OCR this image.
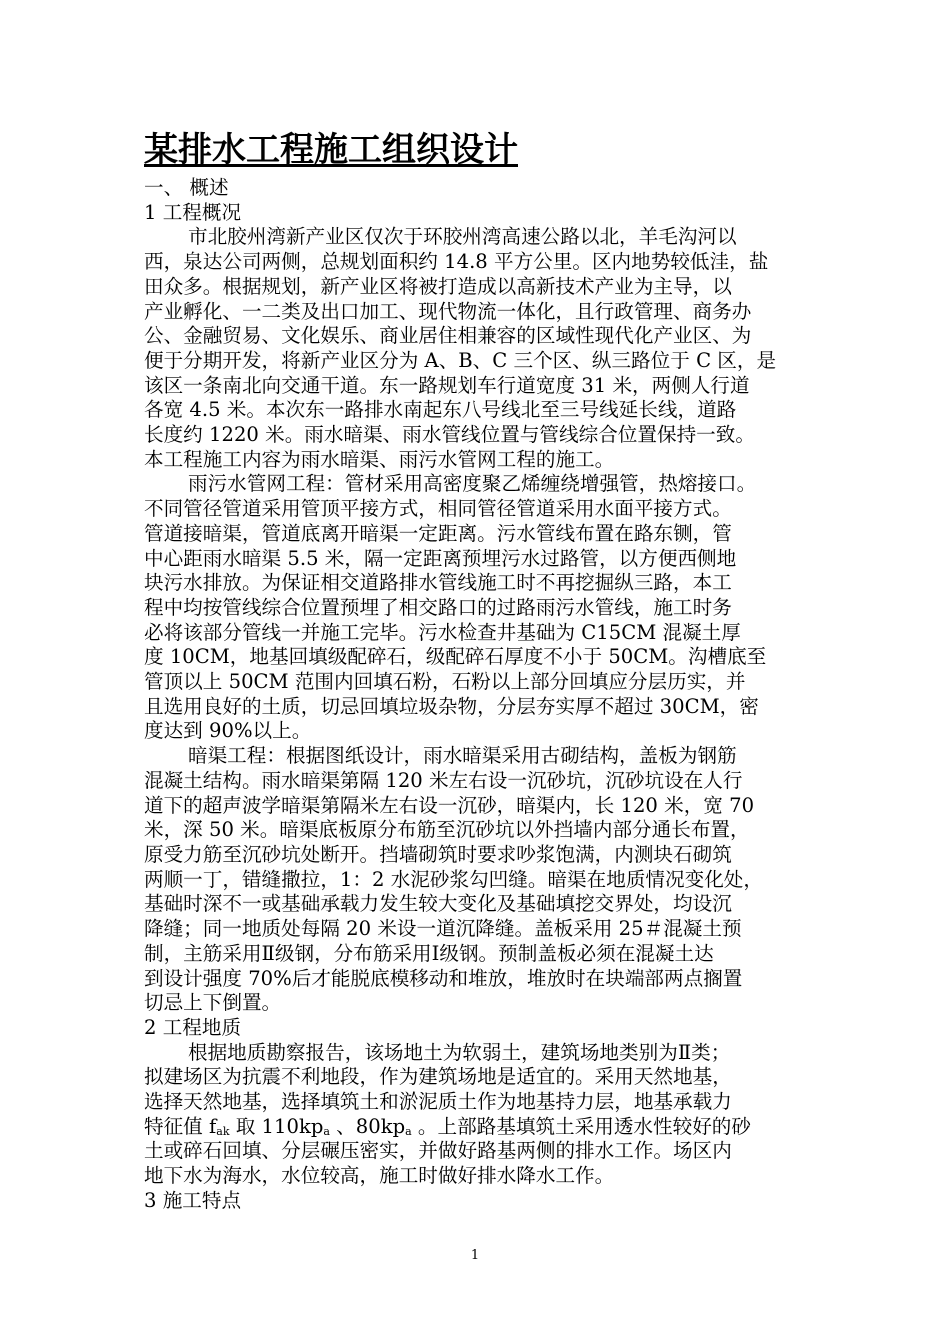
某排水工程施工组织设计

一、 概述

1 工程概况

市北胶州湾新产业区仅次于环胶州湾高速公路以北，羊毛沟河以

西，泉达公司两侧，总规划面积约 14.8 平方公里。区内地势较低洼，盐

田众多。根据规划，新产业区将被打造成以高新技术产业为主导，以

产业孵化、一二类及出口加工、现代物流一体化，且行政管理、商务办

公、金融贸易、文化娱乐、商业居住相兼容的区域性现代化产业区、为

便于分期开发，将新产业区分为 A、B、C 三个区、纵三路位于 C 区，是

该区一条南北向交通干道。东一路规划车行道宽度 31 米，两侧人行道

各宽 4.5 米。本次东一路排水南起东八号线北至三号线延长线，道路

长度约 1220 米。雨水暗渠、雨水管线位置与管线综合位置保持一致。

本工程施工内容为雨水暗渠、雨污水管网工程的施工。

雨污水管网工程：管材采用高密度聚乙烯缠绕增强管，热熔接口。

不同管径管道采用管顶平接方式，相同管径管道采用水面平接方式。

管道接暗渠，管道底离开暗渠一定距离。污水管线布置在路东铡，管

中心距雨水暗渠 5.5 米，隔一定距离预埋污水过路管，以方便西侧地

块污水排放。为保证相交道路排水管线施工时不再挖掘纵三路，本工

程中均按管线综合位置预埋了相交路口的过路雨污水管线，施工时务

必将该部分管线一并施工完毕。污水检查井基础为 C15CM 混凝土厚

度 10CM，地基回填级配碎石，级配碎石厚度不小于 50CM。沟槽底至

管顶以上 50CM 范围内回填石粉，石粉以上部分回填应分层历实，并

且选用良好的土质，切忌回填垃圾杂物，分层夯实厚不超过 30CM，密

度达到 90%以上。

暗渠工程：根据图纸设计，雨水暗渠采用古砌结构，盖板为钢筋

混凝土结构。雨水暗渠第隔 120 米左右设一沉砂坑，沉砂坑设在人行

道下的超声波学暗渠第隔米左右设一沉砂，暗渠内，长 120 米，宽 70

米，深 50 米。暗渠底板原分布筋至沉砂坑以外挡墙内部分通长布置，

原受力筋至沉砂坑处断开。挡墙砌筑时要求吵浆饱满，内测块石砌筑

两顺一丁，错缝撒拉，1：2 水泥砂浆勾凹缝。暗渠在地质情况变化处，

基础时深不一或基础承载力发生较大变化及基础填挖交界处，均设沉

降缝；同一地质处每隔 20 米设一道沉降缝。盖板采用 25＃混凝土预

制，主筋采用Ⅱ级钢，分布筋采用Ⅰ级钢。预制盖板必须在混凝土达

到设计强度 70%后才能脱底模移动和堆放，堆放时在块端部两点搁置

切忌上下倒置。

2 工程地质

根据地质勘察报告，该场地土为软弱土，建筑场地类别为Ⅱ类；

拟建场区为抗震不利地段，作为建筑场地是适宜的。采用天然地基，

选择天然地基，选择填筑土和淤泥质土作为地基持力层，地基承载力

特征值 $f_{ak}$ 取 $110kp_a$ 、$80kp_a$ 。上部路基填筑土采用透水性较好的砂

土或碎石回填、分层碾压密实，并做好路基两侧的排水工作。场区内

地下水为海水，水位较高，施工时做好排水降水工作。

3 施工特点

1
